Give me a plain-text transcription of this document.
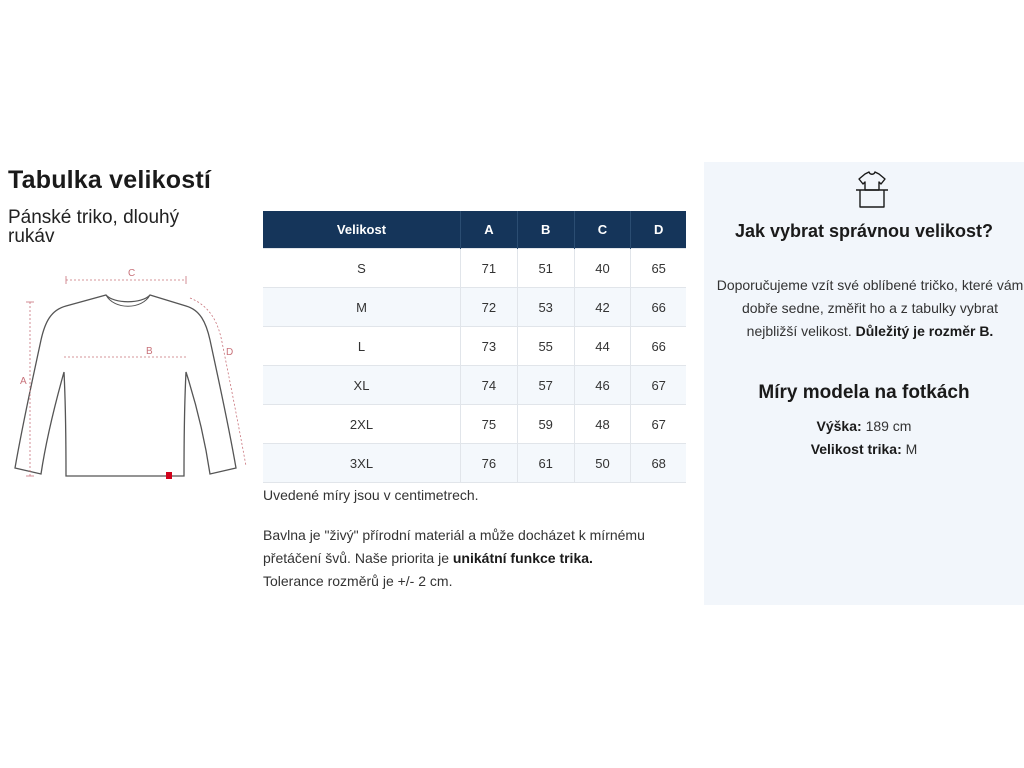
Tabulka velikostí
Pánské triko, dlouhý rukáv
C
B
A
D
Velikost	A	B	C	D
S	71	51	40	65
M	72	53	42	66
L	73	55	44	66
XL	74	57	46	67
2XL	75	59	48	67
3XL	76	61	50	68
Uvedené míry jsou v centimetrech.
Bavlna je "živý" přírodní materiál a může docházet k mírnému přetáčení švů. Naše priorita je unikátní funkce trika.
Tolerance rozměrů je +/- 2 cm.
Jak vybrat správnou velikost?
Doporučujeme vzít své oblíbené tričko, které vám dobře sedne, změřit ho a z tabulky vybrat nejbližší velikost. Důležitý je rozměr B.
Míry modela na fotkách
Výška: 189 cm
Velikost trika: M
